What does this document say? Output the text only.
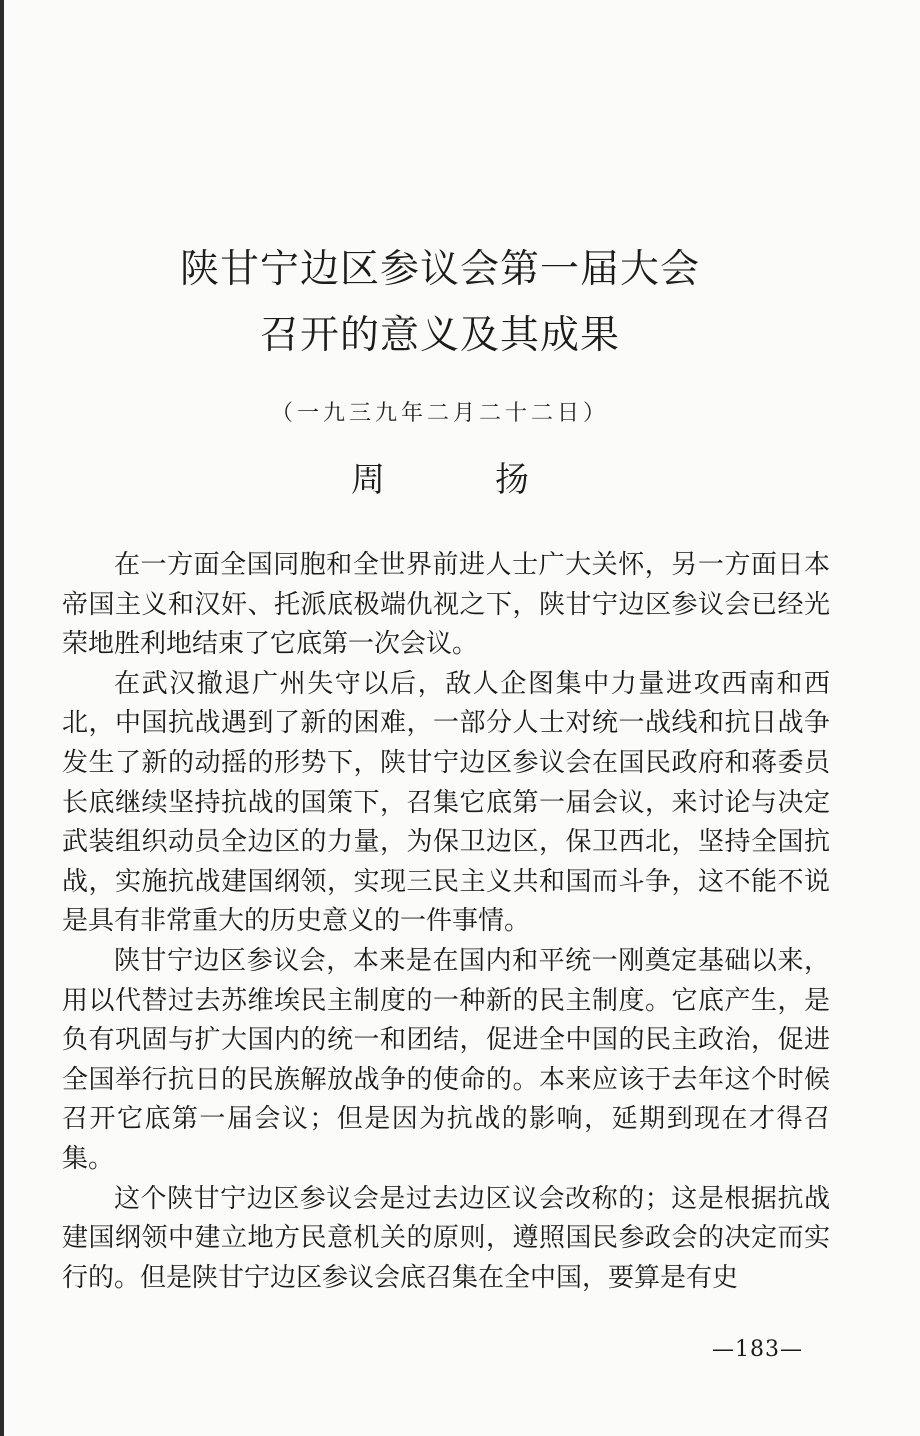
陕甘宁边区参议会第一届大会
召开的意义及其成果
（一九三九年二月二十二日）
周	扬

在一方面全国同胞和全世界前进人士广大关怀，另一方面日本帝国主义和汉奸、托派底极端仇视之下，陕甘宁边区参议会已经光荣地胜利地结束了它底第一次会议。

在武汉撤退广州失守以后，敌人企图集中力量进攻西南和西北，中国抗战遇到了新的困难，一部分人士对统一战线和抗日战争发生了新的动摇的形势下，陕甘宁边区参议会在国民政府和蒋委员长底继续坚持抗战的国策下，召集它底第一届会议，来讨论与决定武装组织动员全边区的力量，为保卫边区，保卫西北，坚持全国抗战，实施抗战建国纲领，实现三民主义共和国而斗争，这不能不说是具有非常重大的历史意义的一件事情。

陕甘宁边区参议会，本来是在国内和平统一刚奠定基础以来，用以代替过去苏维埃民主制度的一种新的民主制度。它底产生，是负有巩固与扩大国内的统一和团结，促进全中国的民主政治，促进全国举行抗日的民族解放战争的使命的。本来应该于去年这个时候召开它底第一届会议；但是因为抗战的影响，延期到现在才得召集。

这个陕甘宁边区参议会是过去边区议会改称的；这是根据抗战建国纲领中建立地方民意机关的原则，遵照国民参政会的决定而实行的。但是陕甘宁边区参议会底召集在全中国，要算是有史

—183—
